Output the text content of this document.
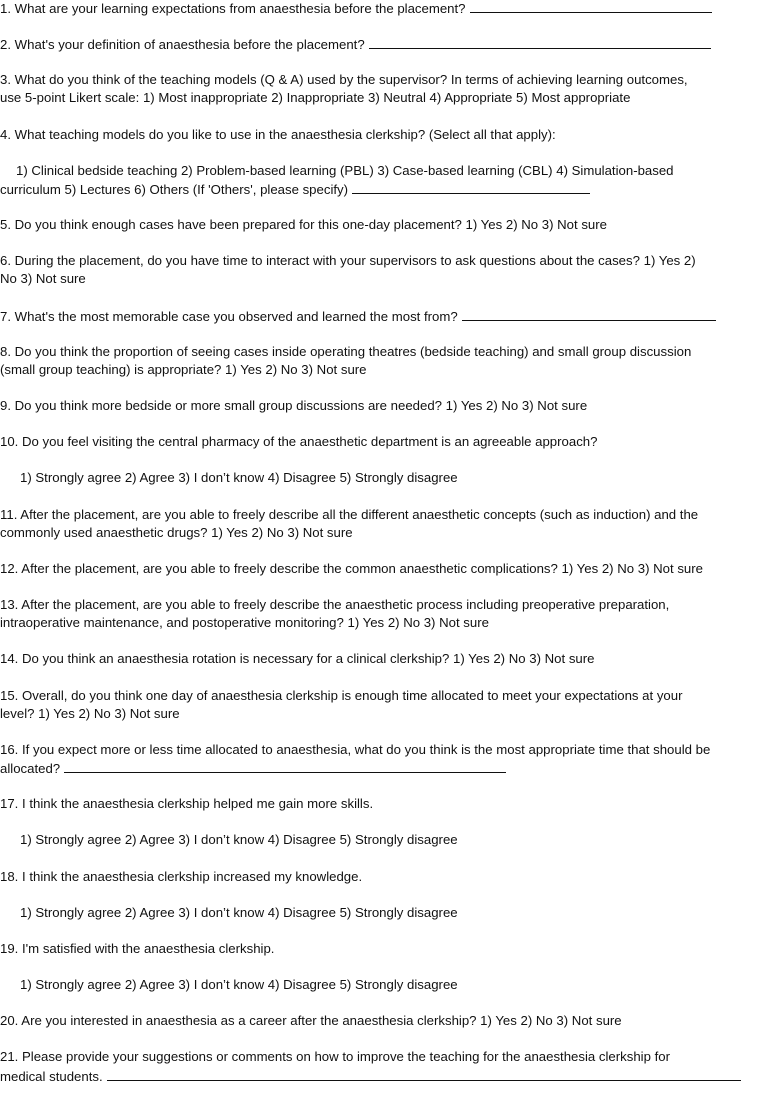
1. What are your learning expectations from anaesthesia before the placement?
2. What's your definition of anaesthesia before the placement?
3. What do you think of the teaching models (Q & A) used by the supervisor? In terms of achieving learning outcomes,
use 5-point Likert scale: 1) Most inappropriate 2) Inappropriate 3) Neutral 4) Appropriate 5) Most appropriate
4. What teaching models do you like to use in the anaesthesia clerkship? (Select all that apply):
1) Clinical bedside teaching 2) Problem-based learning (PBL) 3) Case-based learning (CBL) 4) Simulation-based
curriculum 5) Lectures 6) Others (If 'Others', please specify)
5. Do you think enough cases have been prepared for this one-day placement? 1) Yes 2) No 3) Not sure
6. During the placement, do you have time to interact with your supervisors to ask questions about the cases? 1) Yes 2)
No 3) Not sure
7. What's the most memorable case you observed and learned the most from?
8. Do you think the proportion of seeing cases inside operating theatres (bedside teaching) and small group discussion
(small group teaching) is appropriate? 1) Yes 2) No 3) Not sure
9. Do you think more bedside or more small group discussions are needed? 1) Yes 2) No 3) Not sure
10. Do you feel visiting the central pharmacy of the anaesthetic department is an agreeable approach?
1) Strongly agree 2) Agree 3) I don’t know 4) Disagree 5) Strongly disagree
11. After the placement, are you able to freely describe all the different anaesthetic concepts (such as induction) and the
commonly used anaesthetic drugs? 1) Yes 2) No 3) Not sure
12. After the placement, are you able to freely describe the common anaesthetic complications? 1) Yes 2) No 3) Not sure
13. After the placement, are you able to freely describe the anaesthetic process including preoperative preparation,
intraoperative maintenance, and postoperative monitoring? 1) Yes 2) No 3) Not sure
14. Do you think an anaesthesia rotation is necessary for a clinical clerkship? 1) Yes 2) No 3) Not sure
15. Overall, do you think one day of anaesthesia clerkship is enough time allocated to meet your expectations at your
level? 1) Yes 2) No 3) Not sure
16. If you expect more or less time allocated to anaesthesia, what do you think is the most appropriate time that should be
allocated?
17. I think the anaesthesia clerkship helped me gain more skills.
1) Strongly agree 2) Agree 3) I don’t know 4) Disagree 5) Strongly disagree
18. I think the anaesthesia clerkship increased my knowledge.
1) Strongly agree 2) Agree 3) I don’t know 4) Disagree 5) Strongly disagree
19. I'm satisfied with the anaesthesia clerkship.
1) Strongly agree 2) Agree 3) I don’t know 4) Disagree 5) Strongly disagree
20. Are you interested in anaesthesia as a career after the anaesthesia clerkship? 1) Yes 2) No 3) Not sure
21. Please provide your suggestions or comments on how to improve the teaching for the anaesthesia clerkship for
medical students.
